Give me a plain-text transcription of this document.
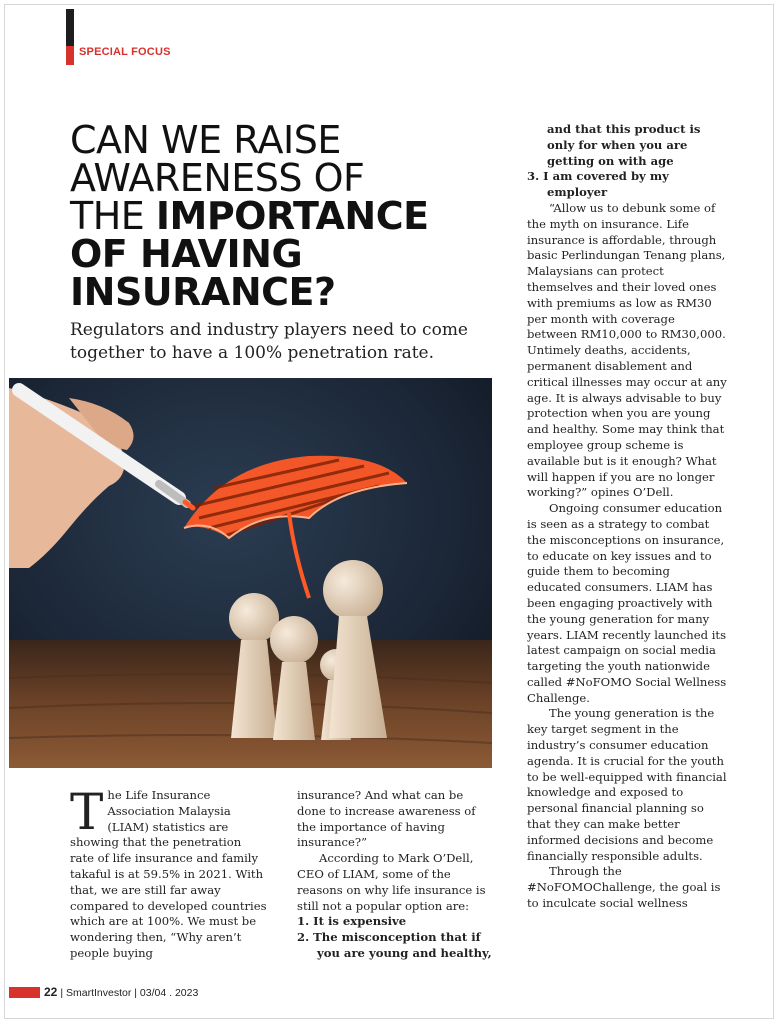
SPECIAL FOCUS
CAN WE RAISE
AWARENESS OF
THE IMPORTANCE
OF HAVING
INSURANCE?
Regulators and industry players need to come together to have a 100% penetration rate.

The Life Insurance Association Malaysia (LIAM) statistics are showing that the penetration rate of life insurance and family takaful is at 59.5% in 2021. With that, we are still far away compared to developed countries which are at 100%. We must be wondering then, “Why aren’t people buying

insurance? And what can be done to increase awareness of the importance of having insurance?”

According to Mark O’Dell, CEO of LIAM, some of the reasons on why life insurance is still not a popular option are:

1. It is expensive

2. The misconception that if

you are young and healthy,

and that this product is only for when you are getting on with age

3. I am covered by my

employer

“Allow us to debunk some of the myth on insurance. Life insurance is affordable, through basic Perlindungan Tenang plans, Malaysians can protect themselves and their loved ones with premiums as low as RM30 per month with coverage between RM10,000 to RM30,000. Untimely deaths, accidents, permanent disablement and critical illnesses may occur at any age. It is always advisable to buy protection when you are young and healthy. Some may think that employee group scheme is available but is it enough? What will happen if you are no longer working?” opines O’Dell.

Ongoing consumer education is seen as a strategy to combat the misconceptions on insurance, to educate on key issues and to guide them to becoming educated consumers. LIAM has been engaging proactively with the young generation for many years. LIAM recently launched its latest campaign on social media targeting the youth nationwide called #NoFOMO Social Wellness Challenge.

The young generation is the key target segment in the industry’s consumer education agenda. It is crucial for the youth to be well-equipped with financial knowledge and exposed to personal financial planning so that they can make better informed decisions and become financially responsible adults.

Through the #NoFOMOChallenge, the goal is to inculcate social wellness

22 | SmartInvestor | 03/04 . 2023
